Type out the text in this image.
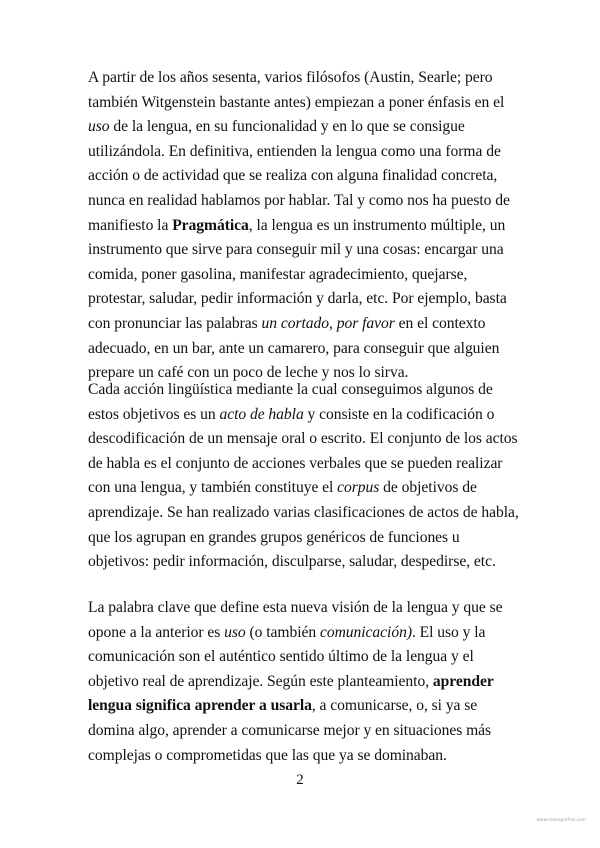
A partir de los años sesenta, varios filósofos (Austin, Searle; pero también Witgenstein bastante antes) empiezan a poner énfasis en el uso de la lengua, en su funcionalidad y en lo que se consigue utilizándola. En definitiva, entienden la lengua como una forma de acción o de actividad que se realiza con alguna finalidad concreta, nunca en realidad hablamos por hablar. Tal y como nos ha puesto de manifiesto la Pragmática, la lengua es un instrumento múltiple, un instrumento que sirve para conseguir mil y una cosas: encargar una comida, poner gasolina, manifestar agradecimiento, quejarse, protestar, saludar, pedir información y darla, etc. Por ejemplo, basta con pronunciar las palabras un cortado, por favor en el contexto adecuado, en un bar, ante un camarero, para conseguir que alguien prepare un café con un poco de leche y nos lo sirva.

Cada acción lingüística mediante la cual conseguimos algunos de estos objetivos es un acto de habla y consiste en la codificación o descodificación de un mensaje oral o escrito. El conjunto de los actos de habla es el conjunto de acciones verbales que se pueden realizar con una lengua, y también constituye el corpus de objetivos de aprendizaje. Se han realizado varias clasificaciones de actos de habla, que los agrupan en grandes grupos genéricos de funciones u objetivos: pedir información, disculparse, saludar, despedirse, etc.

La palabra clave que define esta nueva visión de la lengua y que se opone a la anterior es uso (o también comunicación). El uso y la comunicación son el auténtico sentido último de la lengua y el objetivo real de aprendizaje. Según este planteamiento, aprender lengua significa aprender a usarla, a comunicarse, o, si ya se domina algo, aprender a comunicarse mejor y en situaciones más complejas o comprometidas que las que ya se dominaban.

2

www.monografias.com
